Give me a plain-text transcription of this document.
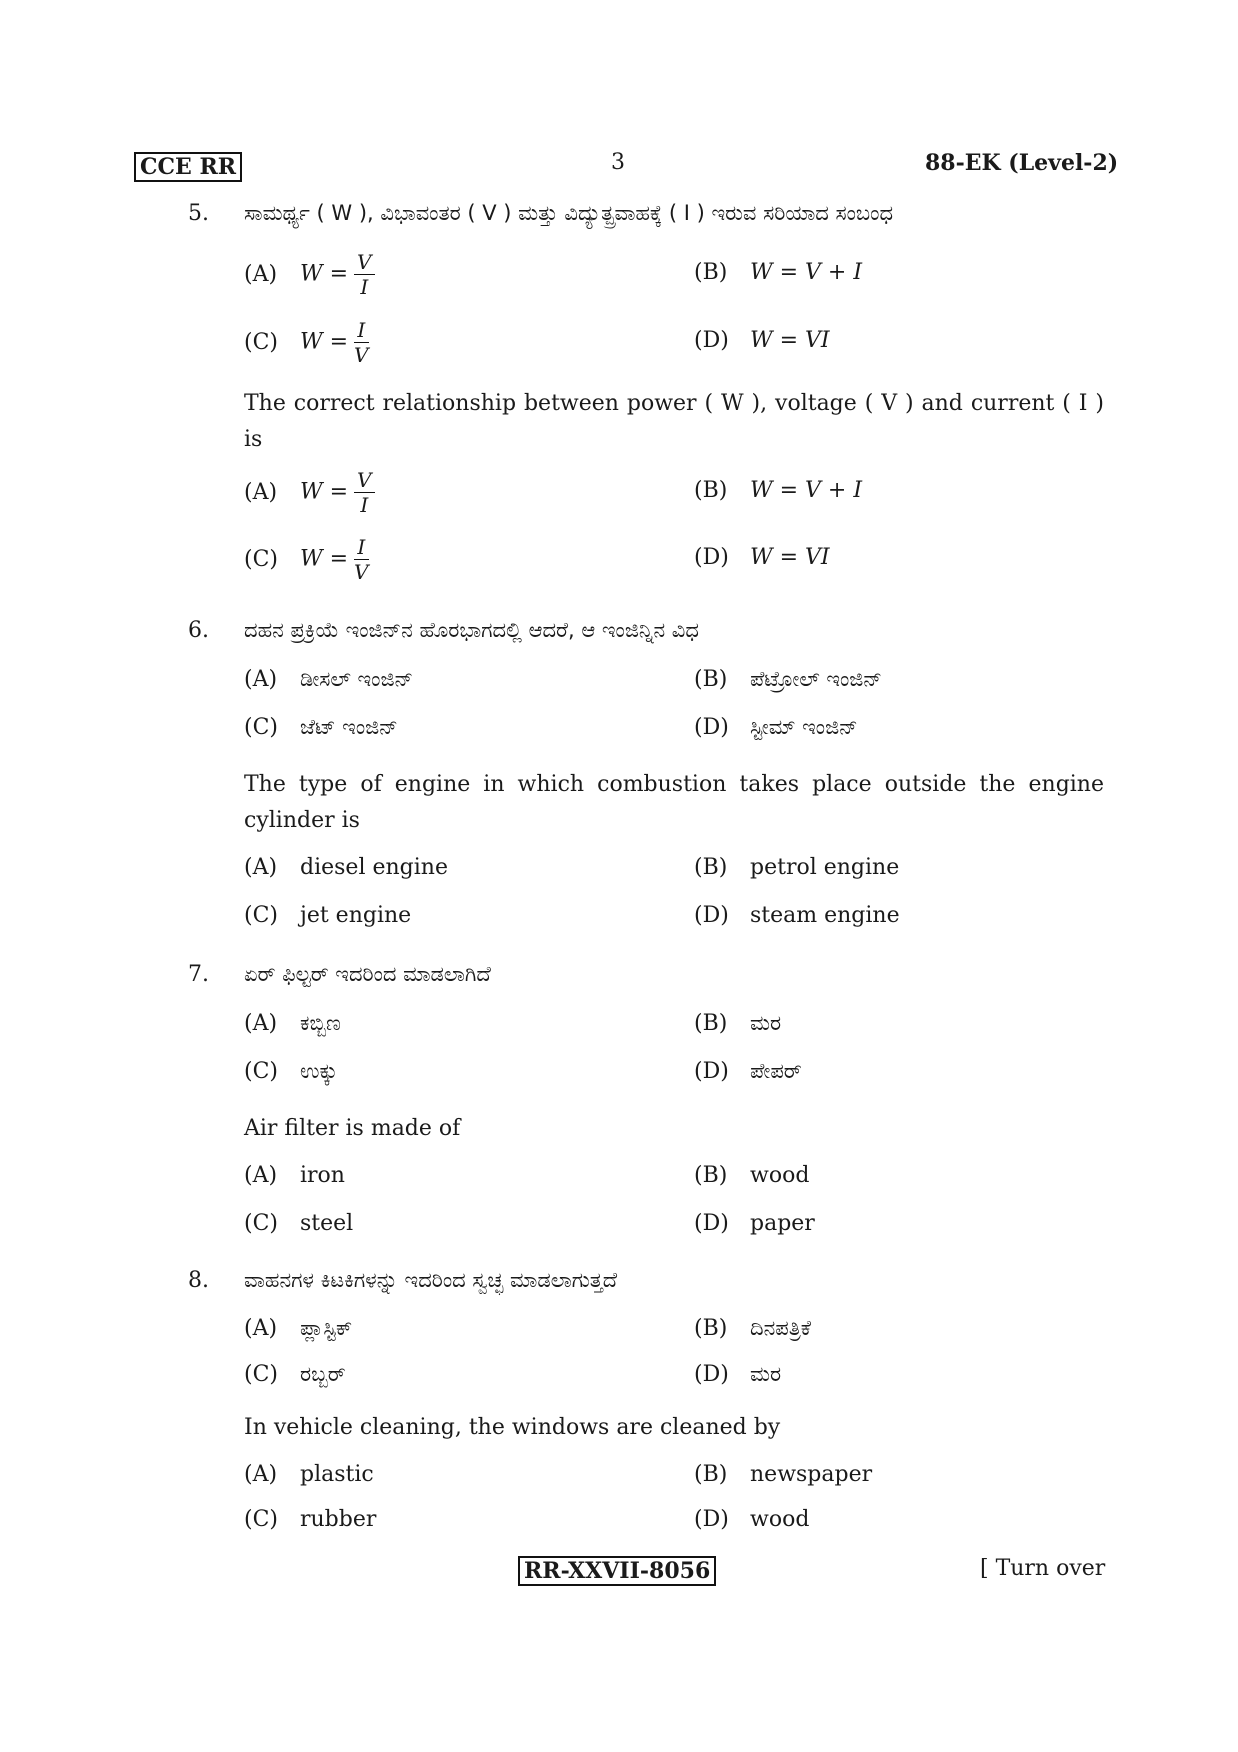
CCE RR	3	88-EK (Level-2)
5. ಸಾಮರ್ಥ್ಯ ( W ), ವಿಭಾವಂತರ ( V ) ಮತ್ತು ವಿದ್ಯುತ್ಪ್ರವಾಹಕ್ಕೆ ( I ) ಇರುವ ಸರಿಯಾದ ಸಂಬಂಧ
(A) $W = \frac{V}{I}$	(B) W = V + I
(C) $W = \frac{I}{V}$	(D) W = VI
The correct relationship between power ( W ), voltage ( V ) and current ( I ) is
(A) $W = \frac{V}{I}$	(B) W = V + I
(C) $W = \frac{I}{V}$	(D) W = VI
6. ದಹನ ಪ್ರಕ್ರಿಯೆ ಇಂಜಿನ್‌ನ ಹೊರಭಾಗದಲ್ಲಿ ಆದರೆ, ಆ ಇಂಜಿನ್ನಿನ ವಿಧ
(A) ಡೀಸಲ್ ಇಂಜಿನ್	(B) ಪೆಟ್ರೋಲ್ ಇಂಜಿನ್
(C) ಜೆಟ್ ಇಂಜಿನ್	(D) ಸ್ಟೀಮ್ ಇಂಜಿನ್
The type of engine in which combustion takes place outside the engine cylinder is
(A) diesel engine	(B) petrol engine
(C) jet engine	(D) steam engine
7. ಏರ್ ಫಿಲ್ಟರ್ ಇದರಿಂದ ಮಾಡಲಾಗಿದೆ
(A) ಕಬ್ಬಿಣ	(B) ಮರ
(C) ಉಕ್ಕು	(D) ಪೇಪರ್
Air filter is made of
(A) iron	(B) wood
(C) steel	(D) paper
8. ವಾಹನಗಳ ಕಿಟಕಿಗಳನ್ನು ಇದರಿಂದ ಸ್ವಚ್ಛ ಮಾಡಲಾಗುತ್ತದೆ
(A) ಪ್ಲಾಸ್ಟಿಕ್	(B) ದಿನಪತ್ರಿಕೆ
(C) ರಬ್ಬರ್	(D) ಮರ
In vehicle cleaning, the windows are cleaned by
(A) plastic	(B) newspaper
(C) rubber	(D) wood
RR-XXVII-8056	[ Turn over
